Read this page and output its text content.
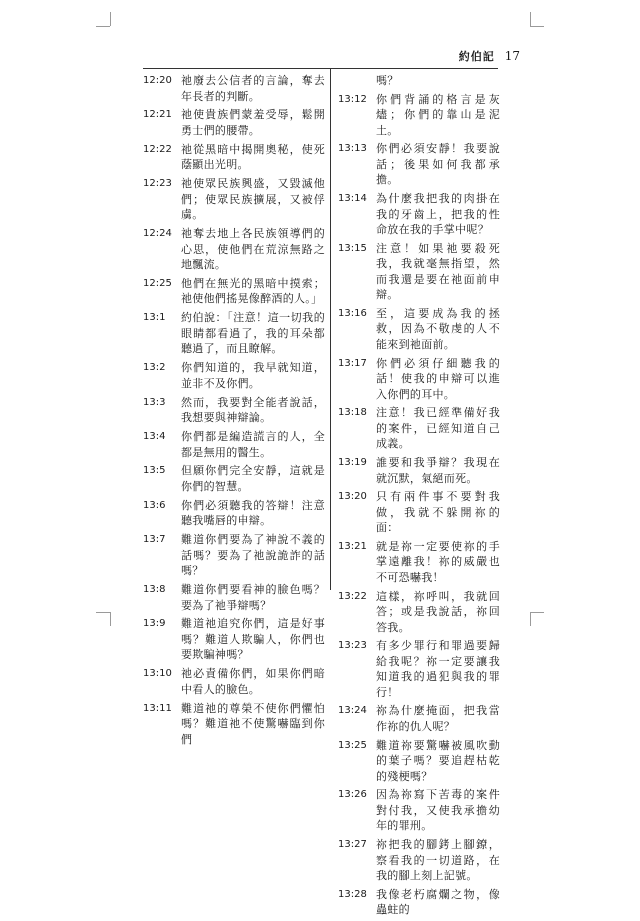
約伯記 17
12:20 祂廢去公信者的言論，奪去年長者的判斷。
12:21 祂使貴族們蒙羞受辱，鬆開勇士們的腰帶。
12:22 祂從黑暗中揭開奧秘，使死蔭顯出光明。
12:23 祂使眾民族興盛，又毀滅他們；使眾民族擴展，又被俘虜。
12:24 祂奪去地上各民族領導們的心思，使他們在荒涼無路之地飄流。
12:25 他們在無光的黑暗中摸索；祂使他們搖晃像醉酒的人。」
13:1	約伯說：「注意！這一切我的眼睛都看過了，我的耳朵都聽過了，而且瞭解。
13:2	你們知道的，我早就知道，並非不及你們。
13:3	然而，我要對全能者說話，我想要與神辯論。
13:4	你們都是編造謊言的人，全都是無用的醫生。
13:5	但願你們完全安靜，這就是你們的智慧。
13:6	你們必須聽我的答辯！注意聽我嘴唇的申辯。
13:7	難道你們要為了神說不義的話嗎？要為了祂說詭詐的話嗎？
13:8	難道你們要看神的臉色嗎？要為了祂爭辯嗎？
13:9	難道祂追究你們，這是好事嗎？難道人欺騙人，你們也要欺騙神嗎？
13:10 祂必責備你們，如果你們暗中看人的臉色。
13:11 難道祂的尊榮不使你們懼怕嗎？難道祂不使驚嚇臨到你們
嗎？
13:12 你們背誦的格言是灰燼；你們的靠山是泥土。
13:13 你們必須安靜！我要說話；後果如何我都承擔。
13:14 為什麼我把我的肉掛在我的牙齒上，把我的性命放在我的手掌中呢？
13:15 注意！如果祂要殺死我，我就毫無指望，然而我還是要在祂面前申辯。
13:16 至，這要成為我的拯救，因為不敬虔的人不能來到祂面前。
13:17 你們必須仔細聽我的話！使我的申辯可以進入你們的耳中。
13:18 注意！我已經準備好我的案件，已經知道自己成義。
13:19 誰要和我爭辯？我現在就沉默，氣絕而死。
13:20 只有兩件事不要對我做，我就不躲開祢的面：
13:21 就是祢一定要使祢的手掌遠離我！祢的威嚴也不可恐嚇我！
13:22 這樣，祢呼叫，我就回答；或是我說話，祢回答我。
13:23 有多少罪行和罪過要歸給我呢？祢一定要讓我知道我的過犯與我的罪行！
13:24 祢為什麼掩面，把我當作祢的仇人呢？
13:25 難道祢要驚嚇被風吹動的葉子嗎？要追趕枯乾的殘梗嗎？
13:26 因為祢寫下苦毒的案件對付我，又使我承擔幼年的罪刑。
13:27 祢把我的腳銬上腳鐐，察看我的一切道路，在我的腳上刻上記號。
13:28 我像老朽腐爛之物，像蟲蛀的
